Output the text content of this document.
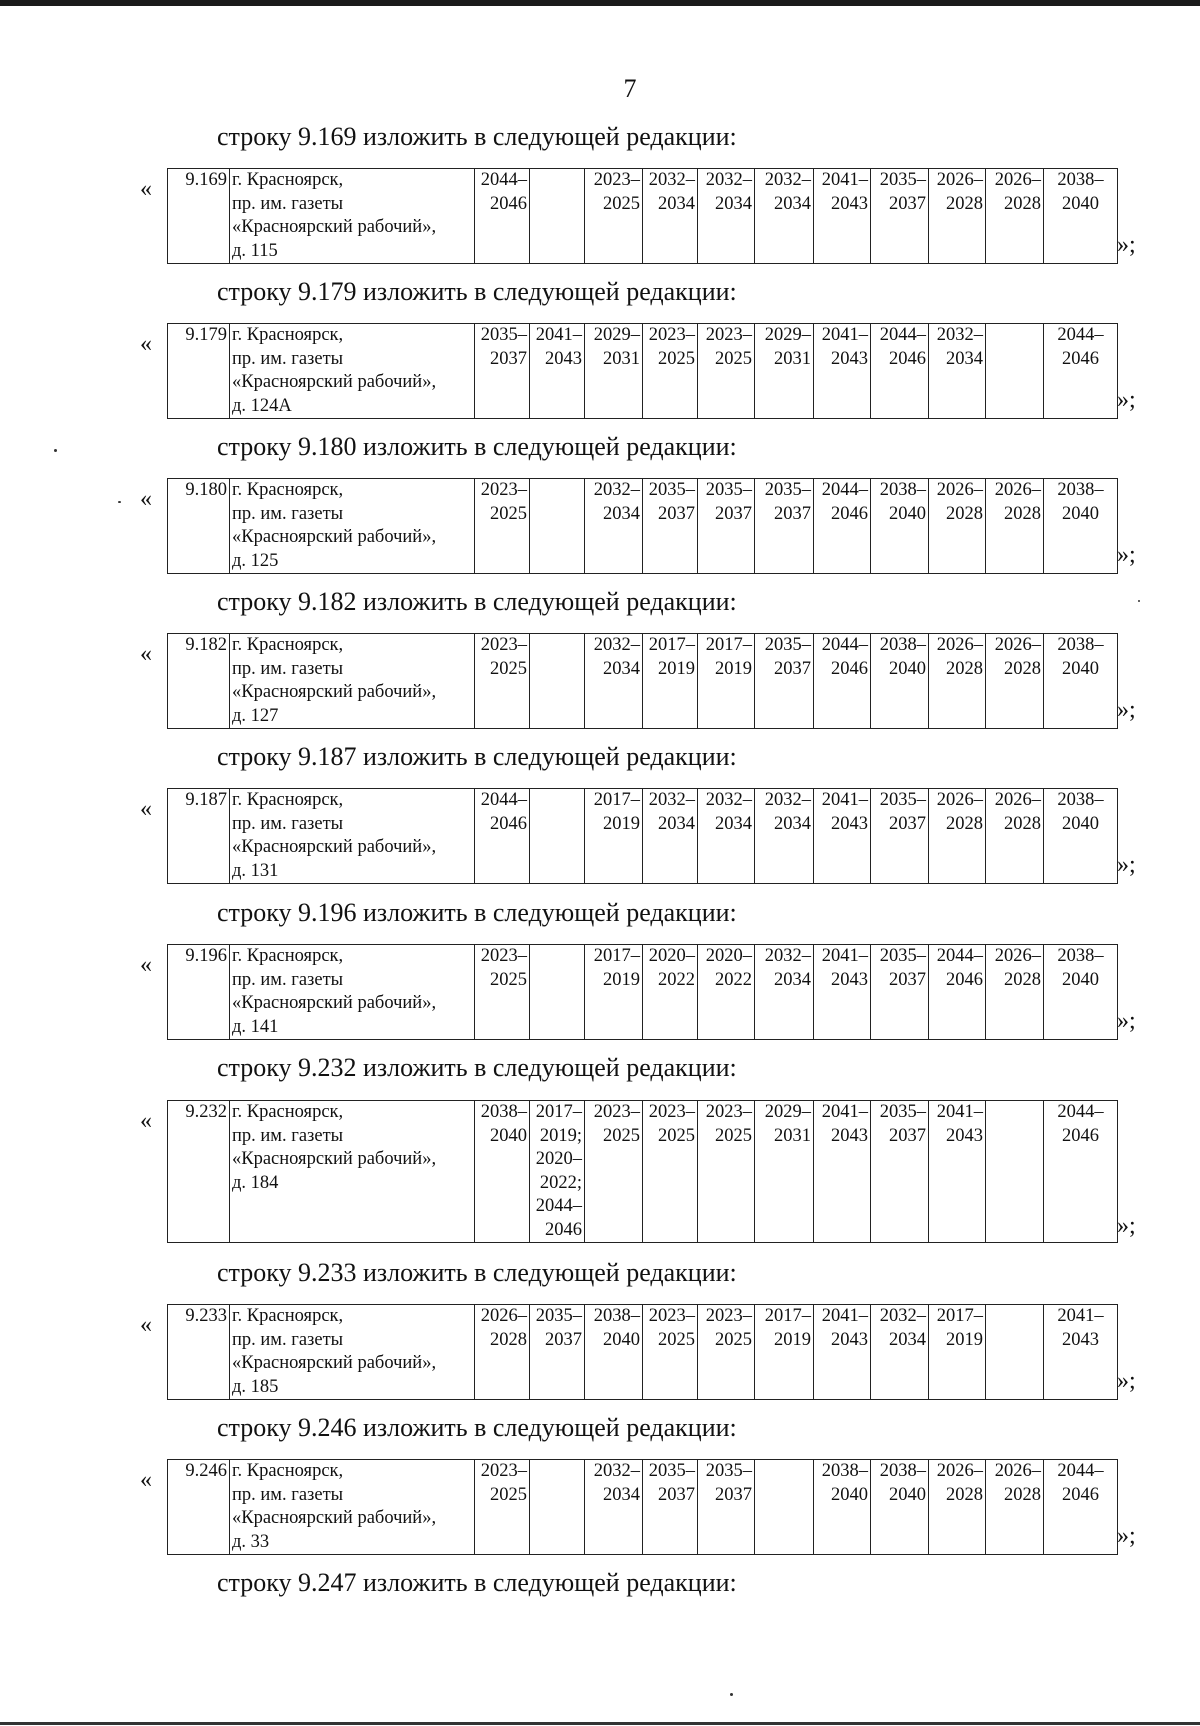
7
строку 9.169 изложить в следующей редакции:
« 9.169	г. Красноярск,
пр. им. газеты
«Красноярский рабочий»,
д. 115
	2044–
2046		2023–
2025	2032–
2034	2032–
2034	2032–
2034	2041–
2043	2035–
2037	2026–
2028	2026–
2028	2038–
2040
»;
строку 9.179 изложить в следующей редакции:
« 9.179	г. Красноярск,
пр. им. газеты
«Красноярский рабочий»,
д. 124А
	2035–
2037	2041–
2043	2029–
2031	2023–
2025	2023–
2025	2029–
2031	2041–
2043	2044–
2046	2032–
2034		2044–
2046
»;
строку 9.180 изложить в следующей редакции:
« 9.180	г. Красноярск,
пр. им. газеты
«Красноярский рабочий»,
д. 125
	2023–
2025		2032–
2034	2035–
2037	2035–
2037	2035–
2037	2044–
2046	2038–
2040	2026–
2028	2026–
2028	2038–
2040
»;
строку 9.182 изложить в следующей редакции:
« 9.182	г. Красноярск,
пр. им. газеты
«Красноярский рабочий»,
д. 127
	2023–
2025		2032–
2034	2017–
2019	2017–
2019	2035–
2037	2044–
2046	2038–
2040	2026–
2028	2026–
2028	2038–
2040
»;
строку 9.187 изложить в следующей редакции:
« 9.187	г. Красноярск,
пр. им. газеты
«Красноярский рабочий»,
д. 131
	2044–
2046		2017–
2019	2032–
2034	2032–
2034	2032–
2034	2041–
2043	2035–
2037	2026–
2028	2026–
2028	2038–
2040
»;
строку 9.196 изложить в следующей редакции:
« 9.196	г. Красноярск,
пр. им. газеты
«Красноярский рабочий»,
д. 141
	2023–
2025		2017–
2019	2020–
2022	2020–
2022	2032–
2034	2041–
2043	2035–
2037	2044–
2046	2026–
2028	2038–
2040
»;
строку 9.232 изложить в следующей редакции:
« 9.232	г. Красноярск,
пр. им. газеты
«Красноярский рабочий»,
д. 184
	2038–
2040	2017–
2019;
2020–
2022;
2044–
2046	2023–
2025	2023–
2025	2023–
2025	2029–
2031	2041–
2043	2035–
2037	2041–
2043		2044–
2046
»;
строку 9.233 изложить в следующей редакции:
« 9.233	г. Красноярск,
пр. им. газеты
«Красноярский рабочий»,
д. 185
	2026–
2028	2035–
2037	2038–
2040	2023–
2025	2023–
2025	2017–
2019	2041–
2043	2032–
2034	2017–
2019		2041–
2043
»;
строку 9.246 изложить в следующей редакции:
« 9.246	г. Красноярск,
пр. им. газеты
«Красноярский рабочий»,
д. 33
	2023–
2025		2032–
2034	2035–
2037	2035–
2037		2038–
2040	2038–
2040	2026–
2028	2026–
2028	2044–
2046
»;
строку 9.247 изложить в следующей редакции:
